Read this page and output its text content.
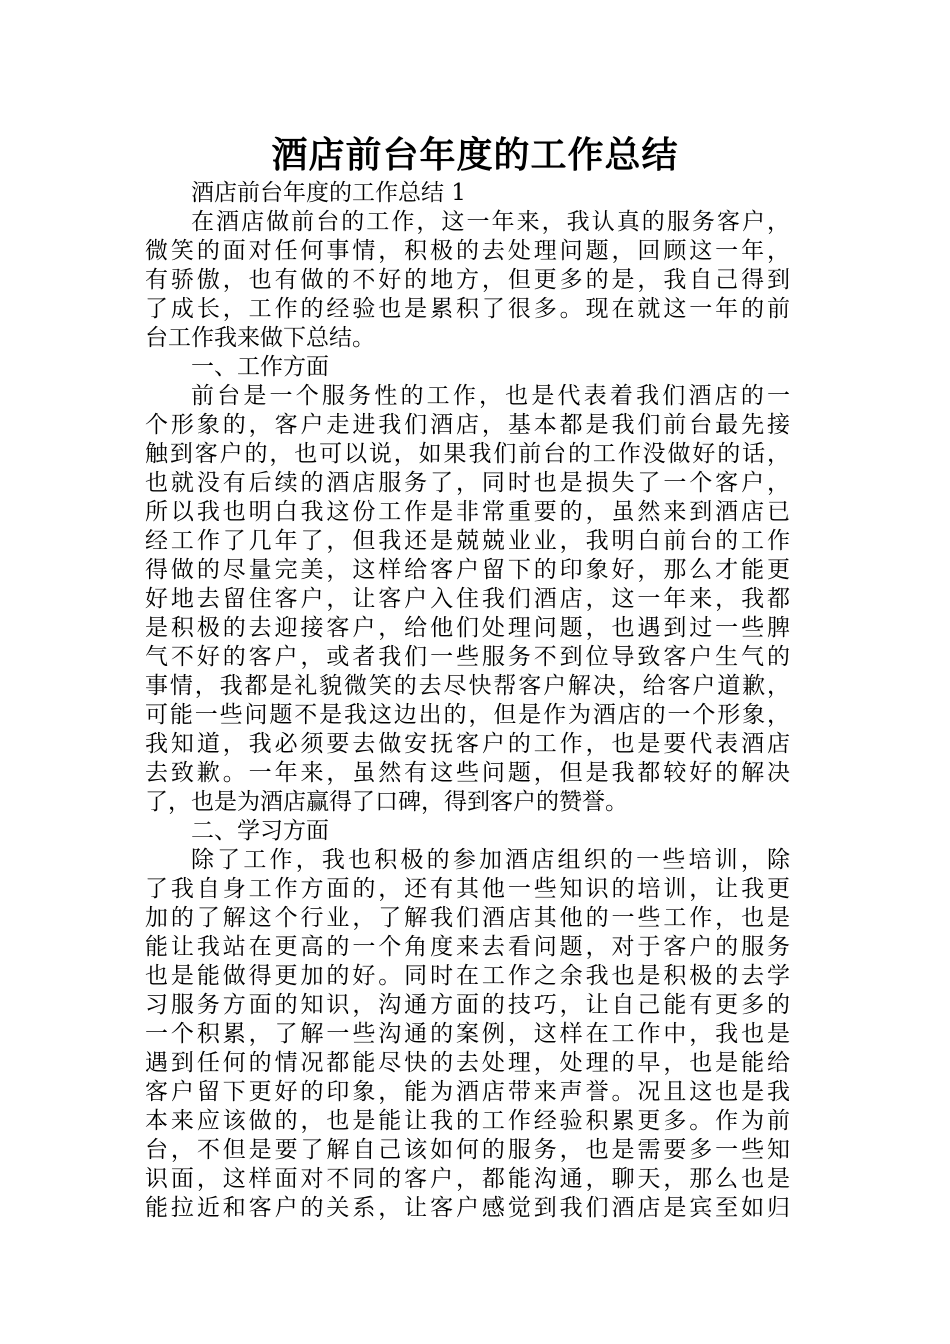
酒店前台年度的工作总结
酒店前台年度的工作总结 1
在酒店做前台的工作，这一年来，我认真的服务客户，
微笑的面对任何事情，积极的去处理问题，回顾这一年，
有骄傲，也有做的不好的地方，但更多的是，我自己得到
了成长，工作的经验也是累积了很多。现在就这一年的前
台工作我来做下总结。
一、工作方面
前台是一个服务性的工作，也是代表着我们酒店的一
个形象的，客户走进我们酒店，基本都是我们前台最先接
触到客户的，也可以说，如果我们前台的工作没做好的话，
也就没有后续的酒店服务了，同时也是损失了一个客户，
所以我也明白我这份工作是非常重要的，虽然来到酒店已
经工作了几年了，但我还是兢兢业业，我明白前台的工作
得做的尽量完美，这样给客户留下的印象好，那么才能更
好地去留住客户，让客户入住我们酒店，这一年来，我都
是积极的去迎接客户，给他们处理问题，也遇到过一些脾
气不好的客户，或者我们一些服务不到位导致客户生气的
事情，我都是礼貌微笑的去尽快帮客户解决，给客户道歉，
可能一些问题不是我这边出的，但是作为酒店的一个形象，
我知道，我必须要去做安抚客户的工作，也是要代表酒店
去致歉。一年来，虽然有这些问题，但是我都较好的解决
了，也是为酒店赢得了口碑，得到客户的赞誉。
二、学习方面
除了工作，我也积极的参加酒店组织的一些培训，除
了我自身工作方面的，还有其他一些知识的培训，让我更
加的了解这个行业，了解我们酒店其他的一些工作，也是
能让我站在更高的一个角度来去看问题，对于客户的服务
也是能做得更加的好。同时在工作之余我也是积极的去学
习服务方面的知识，沟通方面的技巧，让自己能有更多的
一个积累，了解一些沟通的案例，这样在工作中，我也是
遇到任何的情况都能尽快的去处理，处理的早，也是能给
客户留下更好的印象，能为酒店带来声誉。况且这也是我
本来应该做的，也是能让我的工作经验积累更多。作为前
台，不但是要了解自己该如何的服务，也是需要多一些知
识面，这样面对不同的客户，都能沟通，聊天，那么也是
能拉近和客户的关系，让客户感觉到我们酒店是宾至如归
